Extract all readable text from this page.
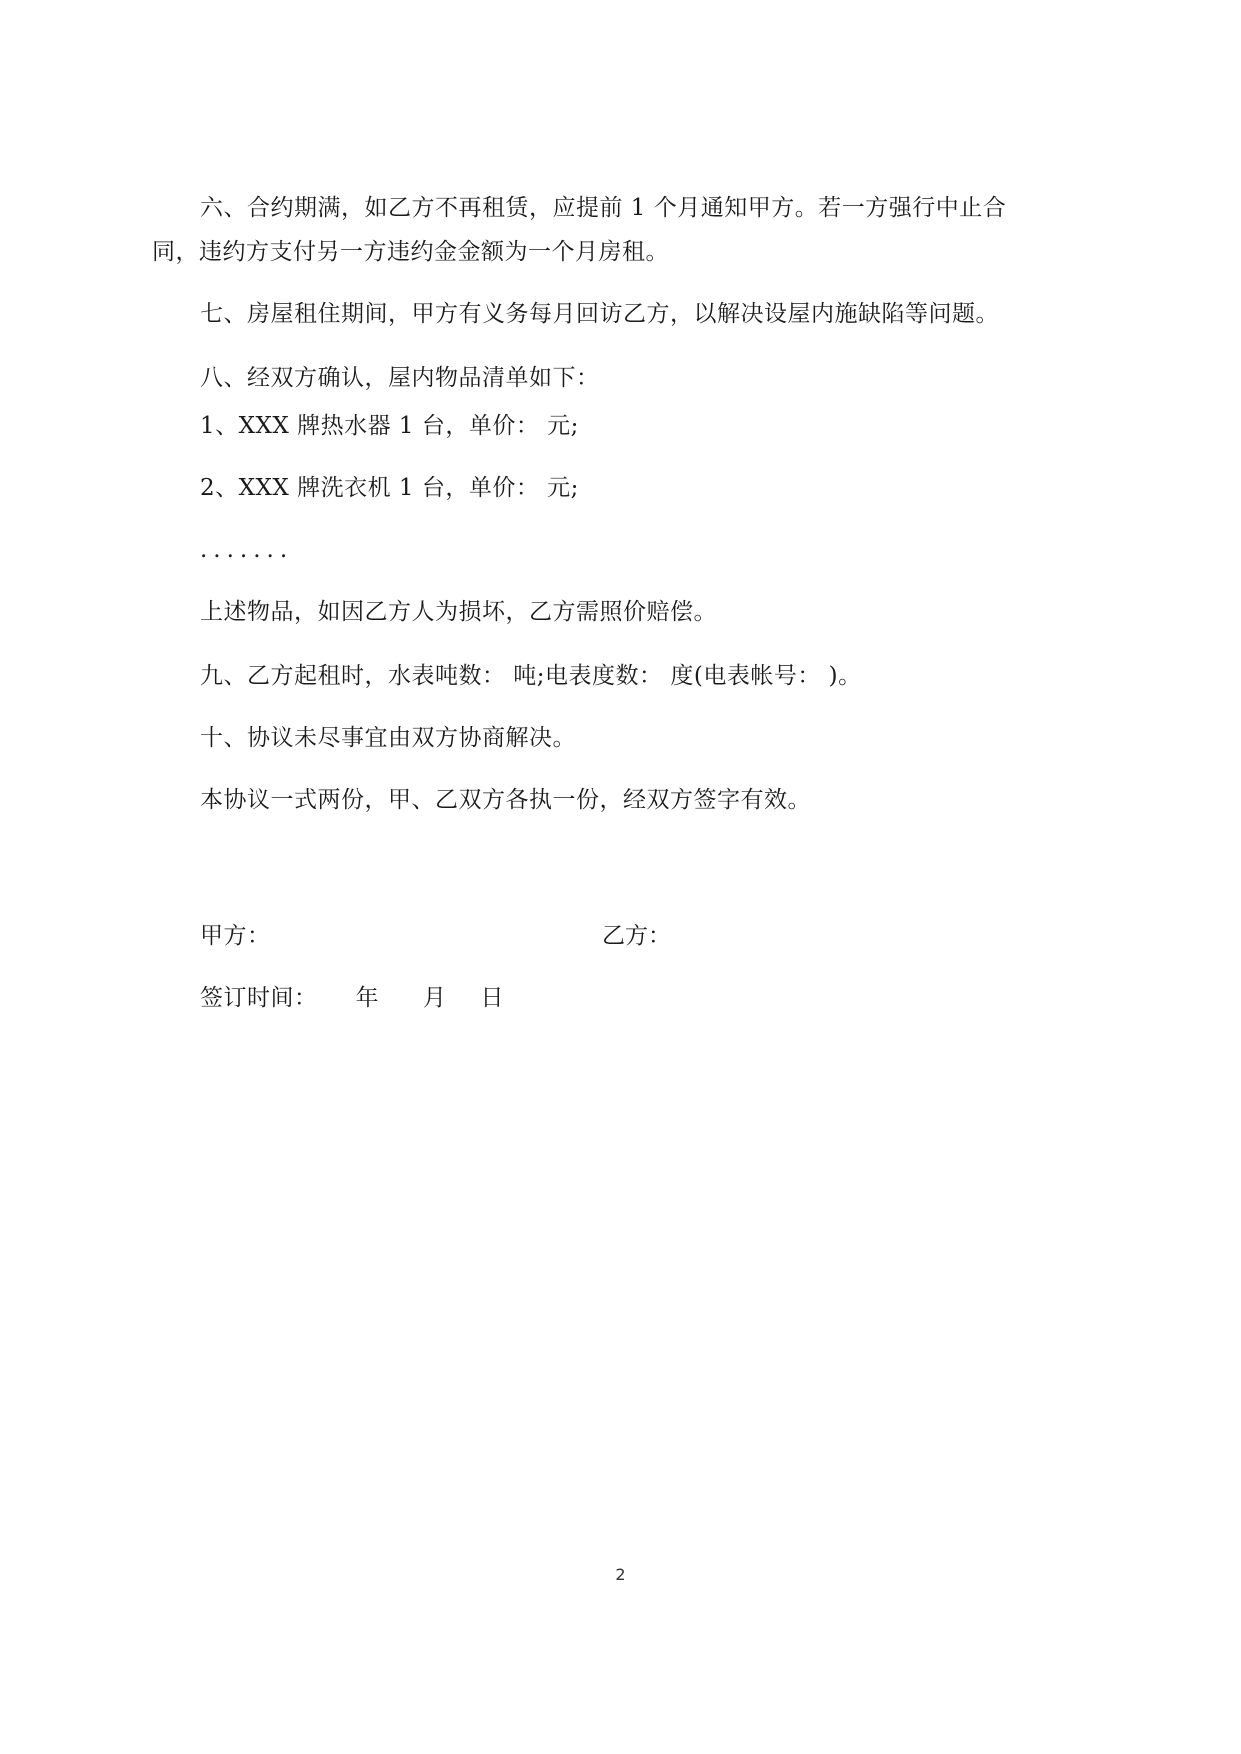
六、合约期满，如乙方不再租赁，应提前 1 个月通知甲方。若一方强行中止合
同，违约方支付另一方违约金金额为一个月房租。
七、房屋租住期间，甲方有义务每月回访乙方，以解决设屋内施缺陷等问题。
八、经双方确认，屋内物品清单如下：
1、XXX 牌热水器 1 台，单价： 元;
2、XXX 牌洗衣机 1 台，单价： 元;
.......
上述物品，如因乙方人为损坏，乙方需照价赔偿。
九、乙方起租时，水表吨数： 吨;电表度数： 度(电表帐号： )。
十、协议未尽事宜由双方协商解决。
本协议一式两份，甲、乙双方各执一份，经双方签字有效。
甲方：	乙方：
签订时间： 年 月 日
2
